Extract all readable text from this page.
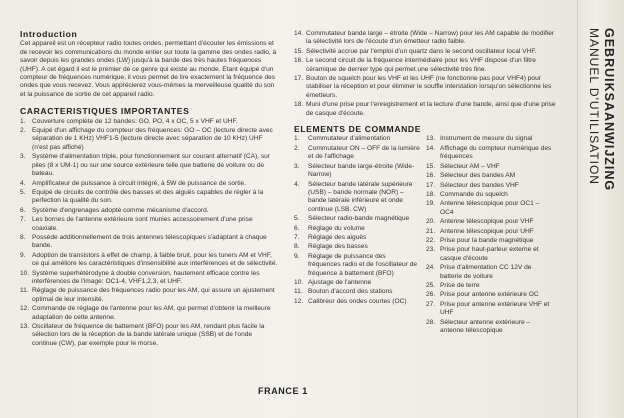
GEBRUIKSAANWIJZING
MANUEL D'UTILISATION
Introduction

Cet appareil est un récepteur radio toutes ondes, permettant d'écouter les émissions et de recevoir les communications du monde entier sur toute la gamme des ondes radio, à savoir depuis les grandes ondes (LW) jusqu'à la bande des très hautes fréquences (UHF). A cet égard il est le premier de ce genre qui existe au monde. Etant équipé d'un compteur de fréquences numérique, il vous permet de lire exactement la fréquence des ondes que vous recevez. Vous apprécierez vous-mêmes la merveilleuse qualité du son et la puissance de sortie de cet appareil radio.

CARACTERISTIQUES IMPORTANTES
1. Couverture complète de 12 bandes: GO, PO, 4 x OC, 5 x VHF et UHF.
2. Equipé d'un affichage du compteur des fréquences: GO – OC (lecture directe avec séparation de 1 KHz) VHF1-5 (lecture directe avec séparation de 10 KHz) UHF (n'est pas affiché)
3. Système d'alimentation triple, pour fonctionnement sur courant alternatif (CA), sur piles (8 x UM-1) ou sur une source extérieure telle que batterie de voiture ou de bateau.
4. Amplificateur de puissance à circuit intégré, à 5W de puissance de sortie.
5. Equipé de circuits de contrôle des basses et des aiguës capables de régler à la perfection la qualité du son.
6. Système d'engrenages adopté comme mécanisme d'accord.
7. Les bornes de l'antenne extérieure sont munies accessoirement d'une prise coaxiale.
8. Possède additionnellement de trois antennes télescopiques s'adaptant à chaque bande.
9. Adoption de transistors à effet de champ, à faible bruit, pour les tuners AM et VHF, ce qui améliore les caractéristiques d'insensibilité aux interférences et de sélectivité.
10. Système superhétérodyne à double conversion, hautement efficace contre les interférences de l'image: OC1-4, VHF1,2,3, et UHF.
11. Réglage de puissance des fréquences radio pour les AM, qui assure un ajustement optimal de leur intensité.
12. Commande de réglage de l'antenne pour les AM, qui permet d'obtenir la meilleure adaptation de cette antenne.
13. Oscillateur de fréquence de battement (BFO) pour les AM, rendant plus facile la sélection lors de la réception de la bande latérale unique (SSB) et de l'onde continue (CW), par exemple pour le morse.
14. Commutateur bande large – étroite (Wide – Narrow) pour les AM capable de modifier la sélectivité lors de l'écoute d'un émetteur radio faible.
15. Sélectivité accrue par l'emploi d'un quartz dans le second oscillateur local VHF.
16. Le second circuit de la fréquence intermédiaire pour les VHF dispose d'un filtre céramique de dernier type qui permet une sélectivité très fine.
17. Bouton de squelch pour les VHF et les UHF (ne fonctionne pas pour VHF4) pour stabiliser la réception et pour éliminer le souffle interstation lorsqu'on sélectionne les émetteurs.
18. Muni d'une prise pour l'enregistrement et la lecture d'une bande, ainsi que d'une prise de casque d'écoute.
ELEMENTS DE COMMANDE
1. Commutateur d'alimentation
2. Commutateur ON – OFF de la lumière et de l'affichage
3. Sélecteur bande large-étroite (Wide-Narrow)
4. Sélecteur bande latérale supérieure (USB) – bande normale (NOR) – bande latérale inférieure et onde continue (LSB. CW)
5. Sélecteur radio-bande magnétique
6. Réglage du volume
7. Réglage des aiguës
8. Réglage des basses
9. Réglage de puissance des fréquences radio et de l'oscillateur de fréquence à battement (BFO)
10. Ajustage de l'antenne
11. Bouton d'accord des stations
12. Calibreur des ondes courtes (OC)
13. Instrument de mesure du signal
14. Affichage du compteur numérique des fréquences
15. Sélecteur AM – VHF
16. Sélecteur des bandes AM
17. Sélecteur des bandes VHF
18. Commande du squelch
19. Antenne télescopique pour OC1 – OC4
20. Antenne télescopique pour VHF
21. Antenne télescopique pour UHF
22. Prise pour la bande magnétique
23. Prise pour haut-parleur externe et casque d'écoute
24. Prise d'alimentation CC 12V de batterie de voiture
25. Prise de terre
26. Prise pour antenne extérieure OC
27. Prise pour antenne extérieure VHF et UHF
28. Sélecteur antenne extérieure – antenne télescopique
FRANCE 1
